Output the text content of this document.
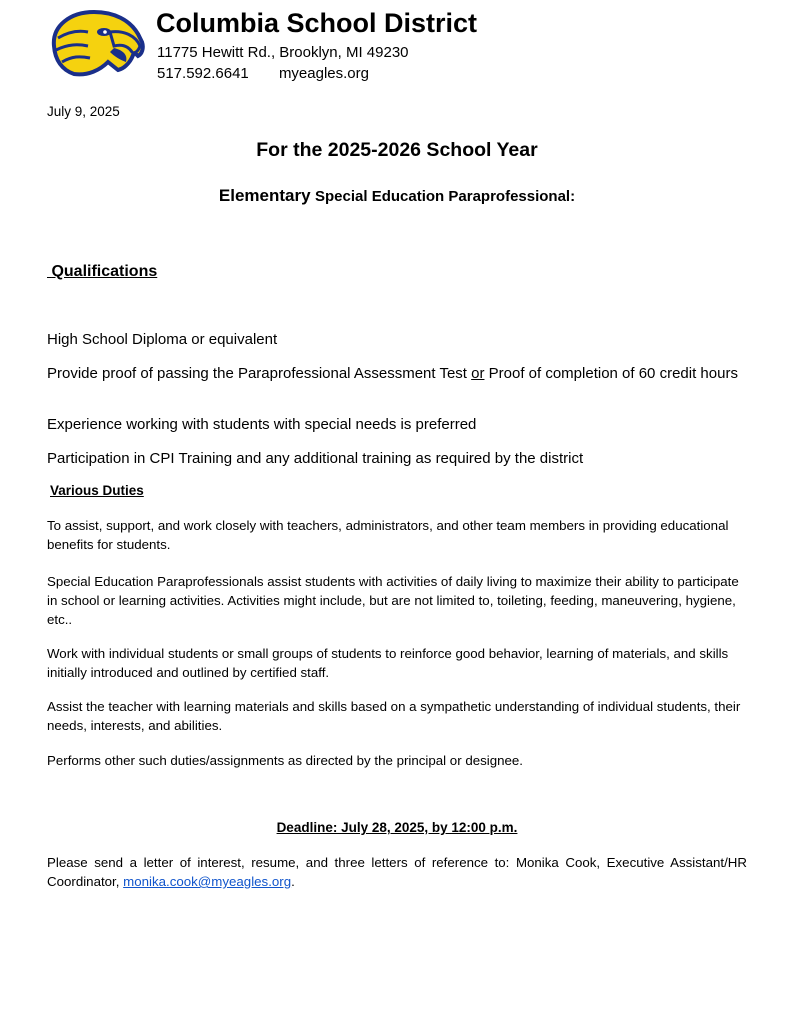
Columbia School District
11775 Hewitt Rd., Brooklyn, MI 49230
517.592.6641 myeagles.org
July 9, 2025
For the 2025-2026 School Year
Elementary Special Education Paraprofessional:
Qualifications
High School Diploma or equivalent
Provide proof of passing the Paraprofessional Assessment Test or Proof of completion of 60 credit hours
Experience working with students with special needs is preferred
Participation in CPI Training and any additional training as required by the district
Various Duties
To assist, support, and work closely with teachers, administrators, and other team members in providing educational benefits for students.
Special Education Paraprofessionals assist students with activities of daily living to maximize their ability to participate in school or learning activities. Activities might include, but are not limited to, toileting, feeding, maneuvering, hygiene, etc..
Work with individual students or small groups of students to reinforce good behavior, learning of materials, and skills initially introduced and outlined by certified staff.
Assist the teacher with learning materials and skills based on a sympathetic understanding of individual students, their needs, interests, and abilities.
Performs other such duties/assignments as directed by the principal or designee.
Deadline: July 28, 2025, by 12:00 p.m.
Please send a letter of interest, resume, and three letters of reference to: Monika Cook, Executive Assistant/HR Coordinator, monika.cook@myeagles.org.
